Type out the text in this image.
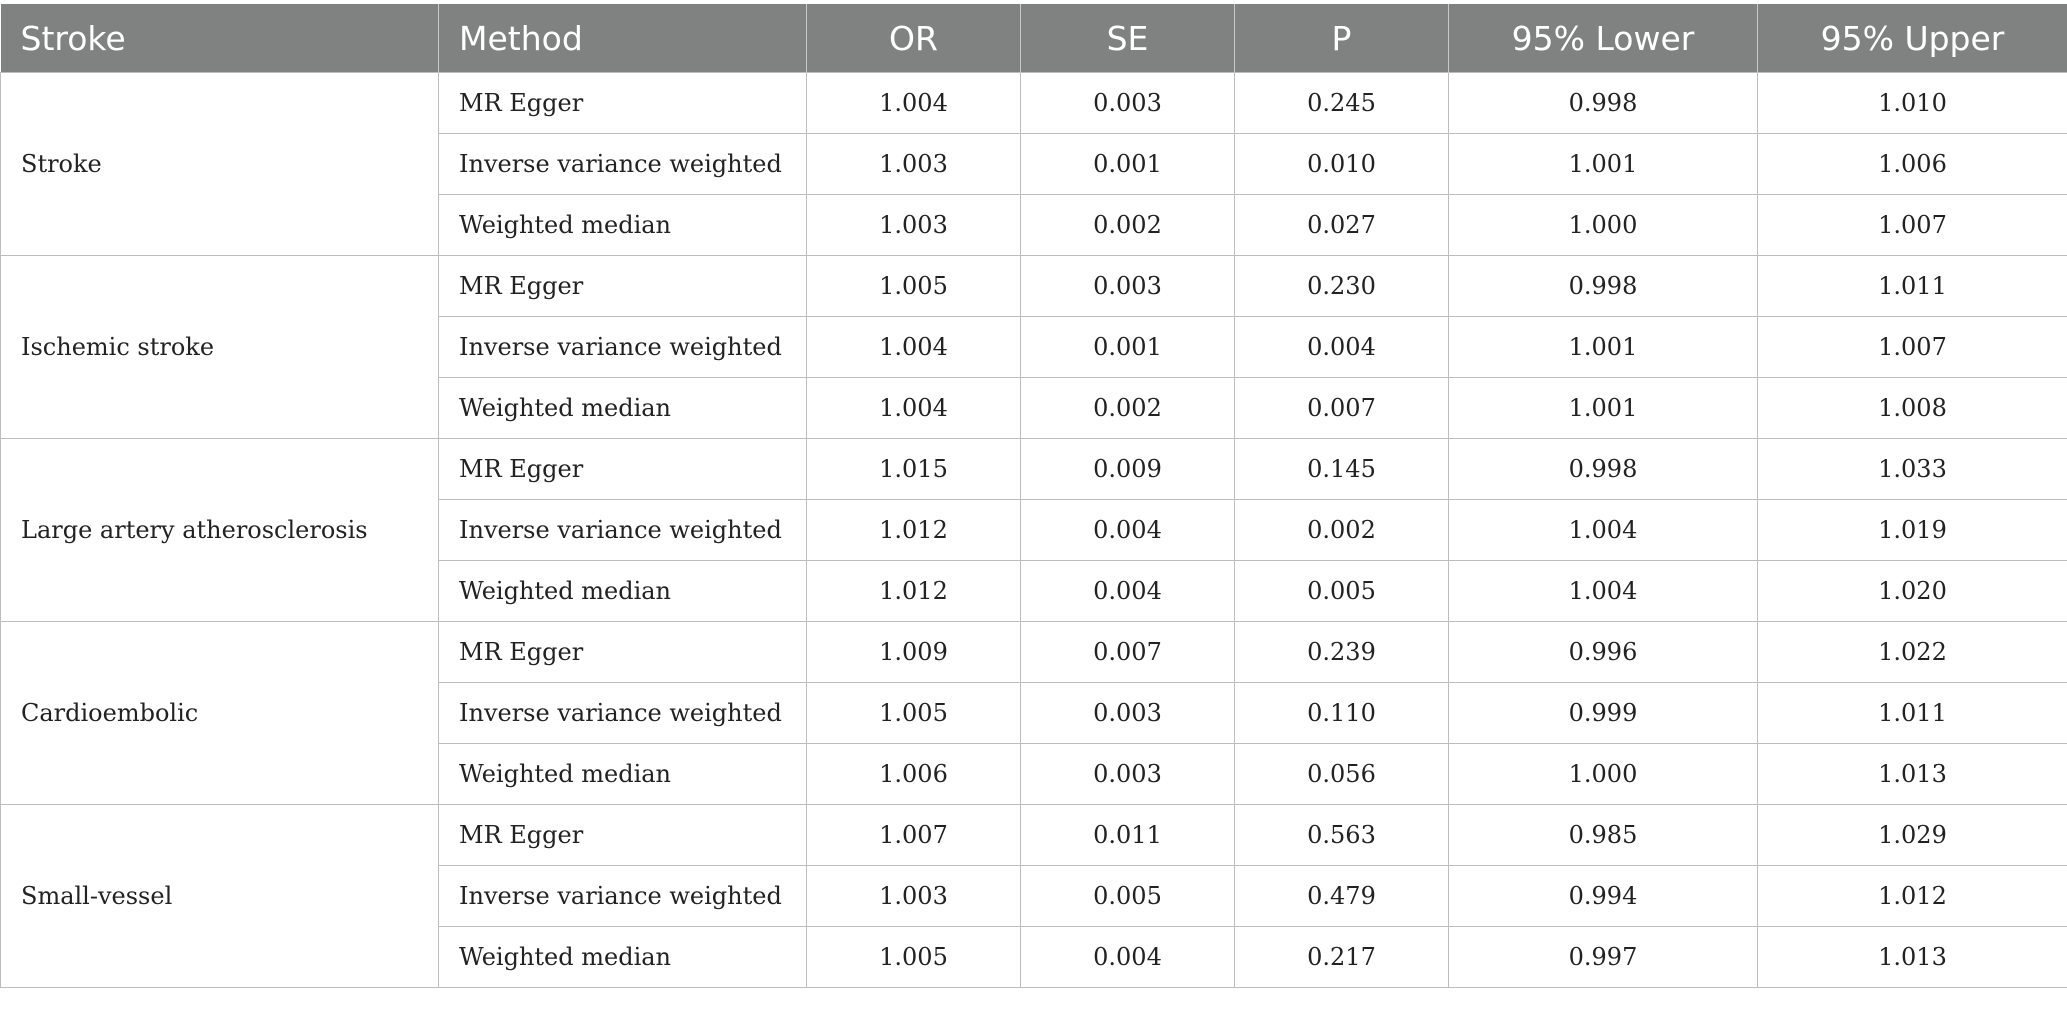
Stroke	Method	OR	SE	P	95% Lower	95% Upper
Stroke	MR Egger	1.004	0.003	0.245	0.998	1.010
	Inverse variance weighted	1.003	0.001	0.010	1.001	1.006
	Weighted median	1.003	0.002	0.027	1.000	1.007
Ischemic stroke	MR Egger	1.005	0.003	0.230	0.998	1.011
	Inverse variance weighted	1.004	0.001	0.004	1.001	1.007
	Weighted median	1.004	0.002	0.007	1.001	1.008
Large artery atherosclerosis	MR Egger	1.015	0.009	0.145	0.998	1.033
	Inverse variance weighted	1.012	0.004	0.002	1.004	1.019
	Weighted median	1.012	0.004	0.005	1.004	1.020
Cardioembolic	MR Egger	1.009	0.007	0.239	0.996	1.022
	Inverse variance weighted	1.005	0.003	0.110	0.999	1.011
	Weighted median	1.006	0.003	0.056	1.000	1.013
Small-vessel	MR Egger	1.007	0.011	0.563	0.985	1.029
	Inverse variance weighted	1.003	0.005	0.479	0.994	1.012
	Weighted median	1.005	0.004	0.217	0.997	1.013
